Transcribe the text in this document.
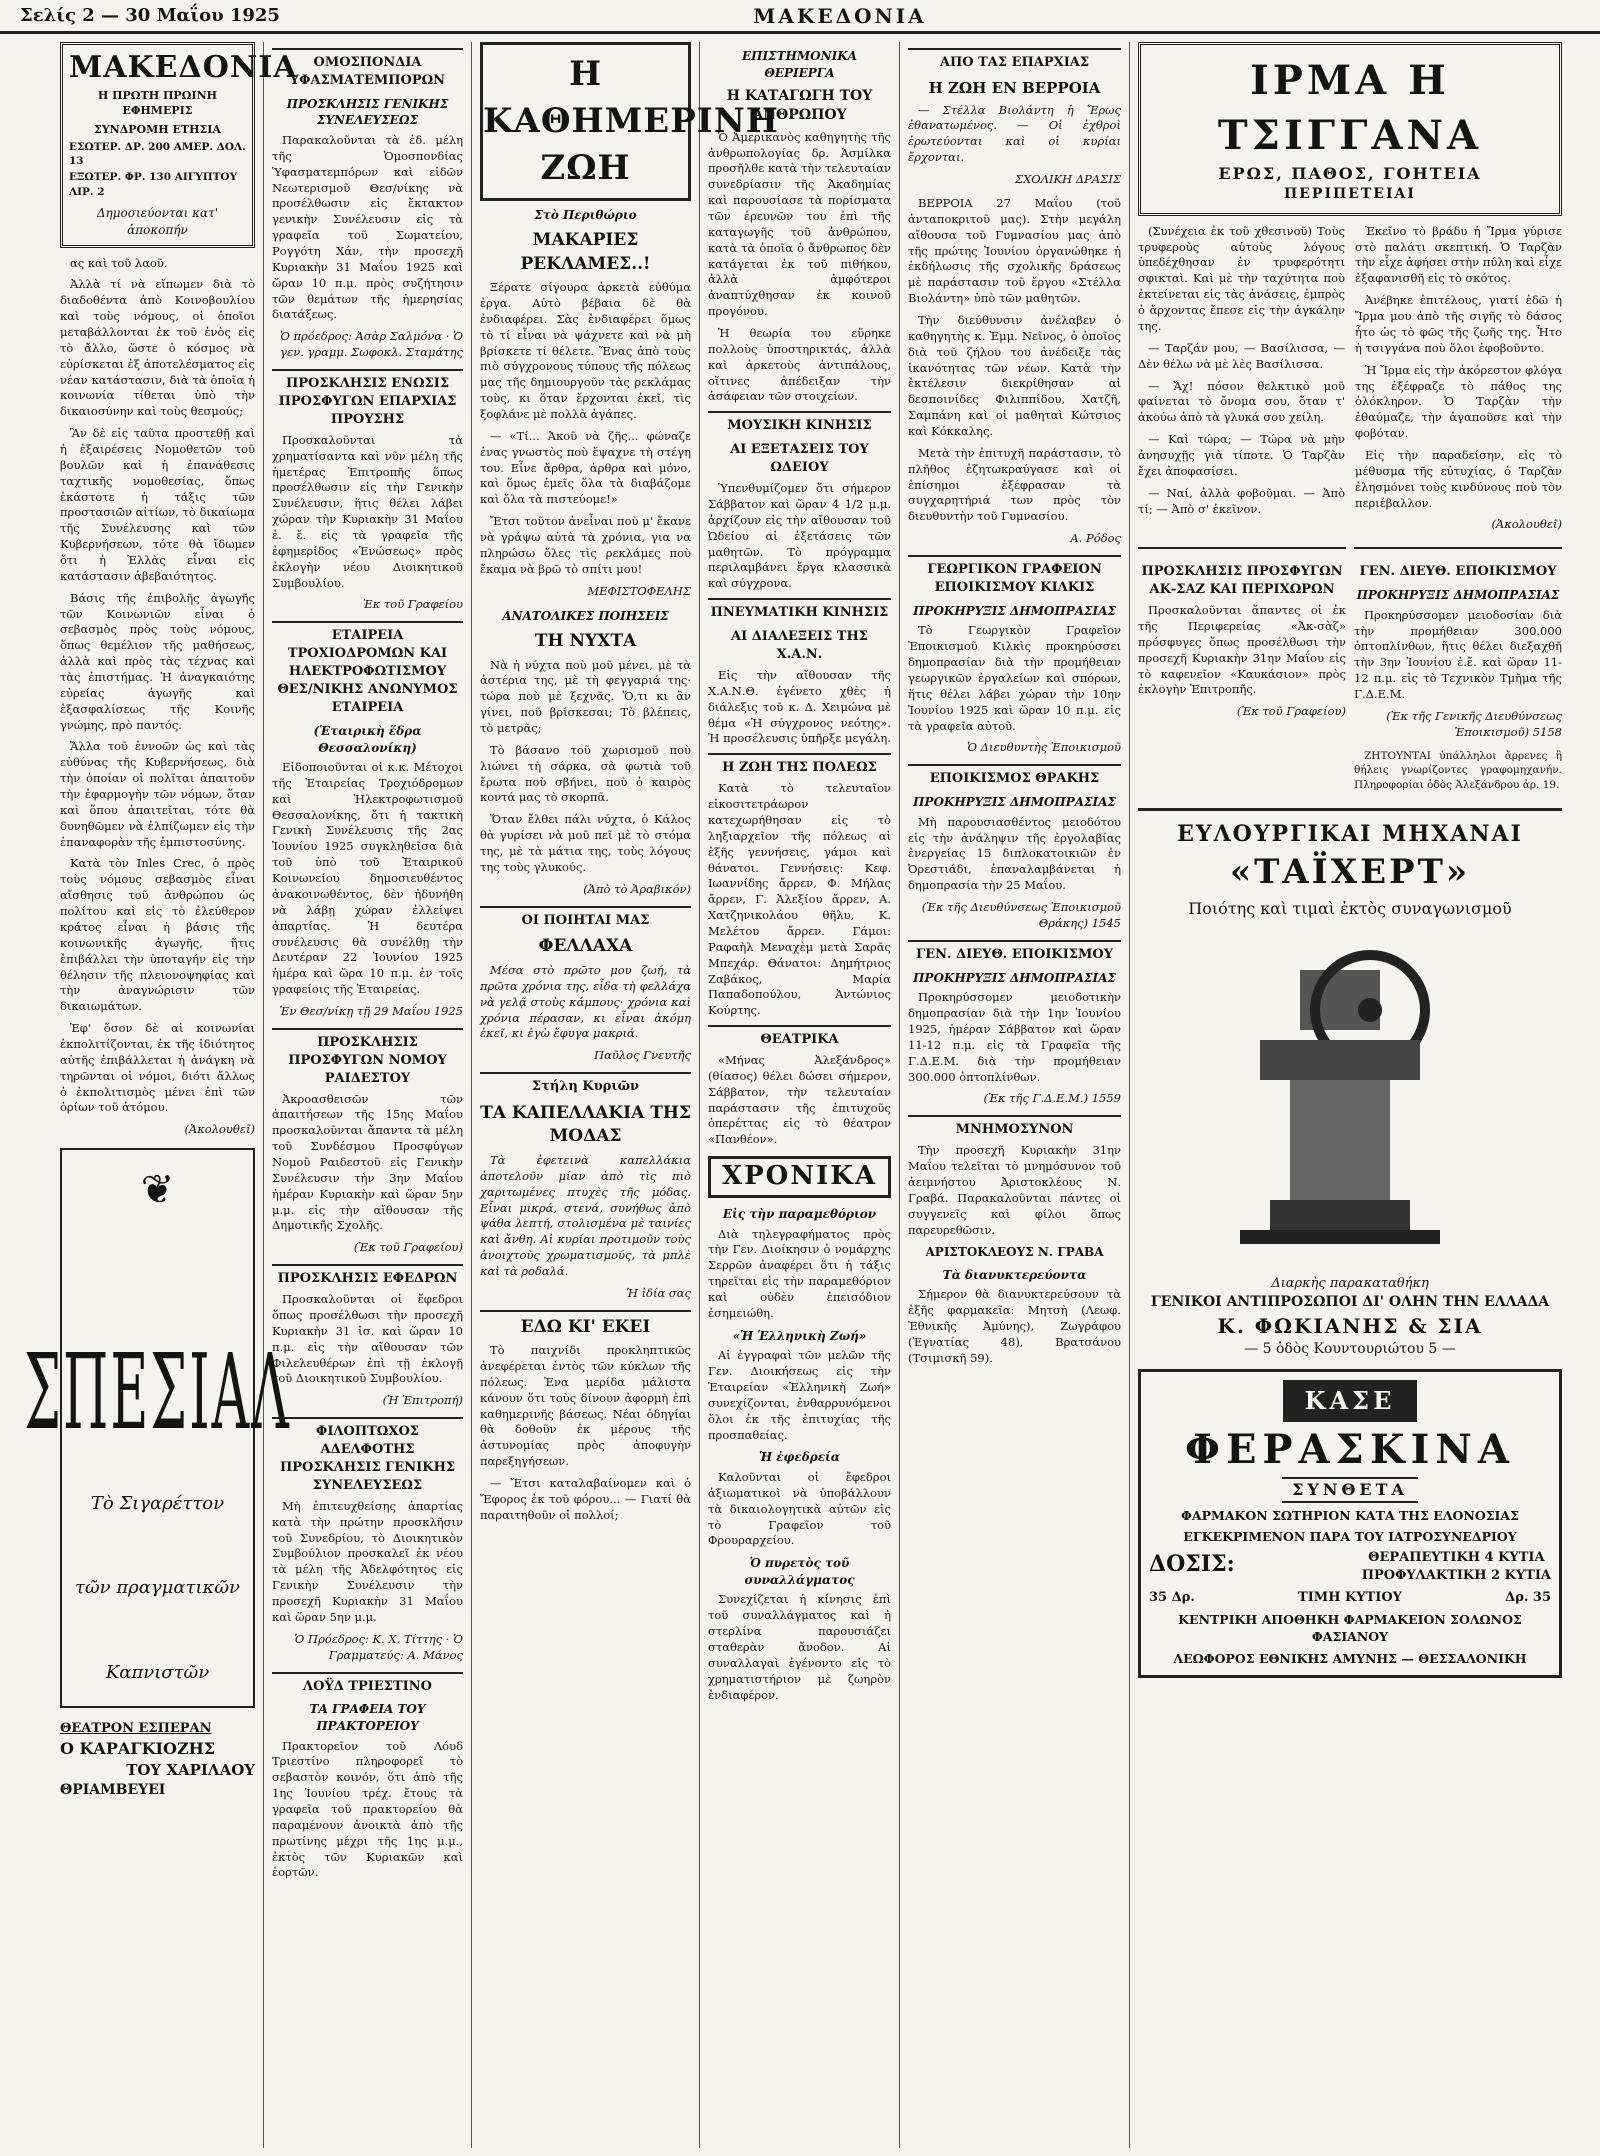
Σελίς 2 — 30 Μαΐου 1925	ΜΑΚΕΔΟΝΙΑ
ΜΑΚΕΔΟΝΙΑ
Η ΠΡΩΤΗ ΠΡΩΙΝΗ ΕΦΗΜΕΡΙΣ
ΣΥΝΔΡΟΜΗ ΕΤΗΣΙΑ
ΕΣΩΤΕΡ. ΔΡ. 200 ΑΜΕΡ. ΔΟΛ. 13
ΕΞΩΤΕΡ. ΦΡ. 130 ΑΙΓΥΠΤΟΥ ΛΙΡ. 2
Δημοσιεύονται κατ' ἀποκοπήν

ας καὶ τοῦ λαοῦ.

Ἀλλὰ τί νὰ εἴπωμεν διὰ τὸ διαδοθέντα ἀπὸ Κοινοβουλίου καὶ τοὺς νόμους, οἱ ὁποῖοι μεταβάλλονται ἐκ τοῦ ἑνὸς εἰς τὸ ἄλλο, ὥστε ὁ κόσμος νὰ εὑρίσκεται ἐξ ἀποτελέσματος εἰς νέαν κατάστασιν, διὰ τὰ ὁποῖα ἡ κοινωνία τίθεται ὑπὸ τὴν δικαιοσύνην καὶ τοὺς θεσμούς;

Ἂν δὲ εἰς ταῦτα προστεθῇ καὶ ἡ ἐξαιρέσεις Νομοθετῶν τοῦ βουλῶν καὶ ἡ ἐπανάθεσις ταχτικῆς νομοθεσίας, ὅπως ἑκάστοτε ἡ τάξις τῶν προστασιῶν αἰτίων, τὸ δικαίωμα τῆς Συνέλευσης καὶ τῶν Κυβερνήσεων, τότε θὰ ἴδωμεν ὅτι ἡ Ἑλλὰς εἶναι εἰς κατάστασιν ἀβεβαιότητος.

Βάσις τῆς ἐπιβολῆς ἀγωγῆς τῶν Κοινωνιῶν εἶναι ὁ σεβασμὸς πρὸς τοὺς νόμους, ὅπως θεμέλιον τῆς μαθήσεως, ἀλλὰ καὶ πρὸς τὰς τέχνας καὶ τὰς ἐπιστήμας. Ἡ ἀναγκαιότης εὐρείας ἀγωγῆς καὶ ἐξασφαλίσεως τῆς Κοινῆς γνώμης, πρὸ παντός.

Ἄλλα τοῦ ἐννοῶν ὡς καὶ τὰς εὐθύνας τῆς Κυβερνήσεως, διὰ τὴν ὁποίαν οἱ πολῖται ἀπαιτοῦν τὴν ἐφαρμογὴν τῶν νόμων, ὅταν καὶ ὅπου ἀπαιτεῖται, τότε θὰ δυνηθῶμεν νὰ ἐλπίζωμεν εἰς τὴν ἐπαναφορὰν τῆς ἐμπιστοσύνης.

Κατὰ τὸν Inles Crec, ὁ πρὸς τοὺς νόμους σεβασμὸς εἶναι αἴσθησις τοῦ ἀνθρώπου ὡς πολίτου καὶ εἰς τὸ ἐλεύθερον κράτος εἶναι ἡ βάσις τῆς κοινωνικῆς ἀγωγῆς, ἥτις ἐπιβάλλει τὴν ὑποταγήν εἰς τὴν θέλησιν τῆς πλειονοψηφίας καὶ τὴν ἀναγνώρισιν τῶν δικαιωμάτων.

Ἐφ' ὅσον δὲ αἱ κοινωνίαι ἐκπολιτίζονται, ἐκ τῆς ἰδιότητος αὐτῆς ἐπιβάλλεται ἡ ἀνάγκη νὰ τηρῶνται οἱ νόμοι, διότι ἄλλως ὁ ἐκπολιτισμὸς μένει ἐπὶ τῶν ὁρίων τοῦ ἀτόμου.

(Ἀκολουθεῖ)
❦
ΣΠΕΣΙΑΛ
Τὸ Σιγαρέττον
τῶν πραγματικῶν
Καπνιστῶν
ΘΕΑΤΡΟΝ ΕΣΠΕΡΑΝ
Ο ΚΑΡΑΓΚΙΟΖΗΣ
ΤΟΥ ΧΑΡΙΛΑΟΥ
ΘΡΙΑΜΒΕΥΕΙ
ΟΜΟΣΠΟΝΔΙΑ ΥΦΑΣΜΑΤΕΜΠΟΡΩΝ
ΠΡΟΣΚΛΗΣΙΣ ΓΕΝΙΚΗΣ ΣΥΝΕΛΕΥΣΕΩΣ

Παρακαλοῦνται τὰ ἐδ. μέλη τῆς Ὁμοσπονδίας Ὑφασματεμπόρων καὶ εἰδῶν Νεωτερισμοῦ Θεσ/νίκης νὰ προσέλθωσιν εἰς ἔκτακτον γενικὴν Συνέλευσιν εἰς τὰ γραφεῖα τοῦ Σωματείου, Ρογγότη Χάν, τὴν προσεχῆ Κυριακὴν 31 Μαΐου 1925 καὶ ὥραν 10 π.μ. πρὸς συζήτησιν τῶν θεμάτων τῆς ἡμερησίας διατάξεως.

Ὁ πρόεδρος: Ἀσὰρ Σαλμόνα · Ὁ γεν. γραμμ. Σωφοκλ. Σταμάτης
ΠΡΟΣΚΛΗΣΙΣ ΕΝΩΣΙΣ ΠΡΟΣΦΥΓΩΝ ΕΠΑΡΧΙΑΣ ΠΡΟΥΣΗΣ

Προσκαλοῦνται τὰ χρηματίσαντα καὶ νῦν μέλη τῆς ἡμετέρας Ἑπιτροπῆς ὅπως προσέλθωσιν εἰς τὴν Γενικὴν Συνέλευσιν, ἥτις θέλει λάβει χώραν τὴν Κυριακὴν 31 Μαΐου ἐ. ἔ. εἰς τὰ γραφεῖα τῆς ἐφημερίδος «Ἑνώσεως» πρὸς ἐκλογὴν νέου Διοικητικοῦ Συμβουλίου.

Ἐκ τοῦ Γραφείου
ΕΤΑΙΡΕΙΑ ΤΡΟΧΙΟΔΡΟΜΩΝ ΚΑΙ ΗΛΕΚΤΡΟΦΩΤΙΣΜΟΥ ΘΕΣ/ΝΙΚΗΣ ΑΝΩΝΥΜΟΣ ΕΤΑΙΡΕΙΑ
(Ἑταιρικὴ ἕδρα Θεσσαλονίκη)

Εἰδοποιοῦνται οἱ κ.κ. Μέτοχοι τῆς Ἑταιρείας Τροχιόδρομων καὶ Ἠλεκτροφωτισμοῦ Θεσσαλονίκης, ὅτι ἡ τακτικὴ Γενικὴ Συνέλευσις τῆς 2ας Ἰουνίου 1925 συγκληθεῖσα διὰ τοῦ ὑπὸ τοῦ Ἑταιρικοῦ Κοινωνείου δημοσιευθέντος ἀνακοινωθέντος, δὲν ἠδυνήθη νὰ λάβῃ χώραν ἐλλείψει ἀπαρτίας. Ἡ δευτέρα συνέλευσις θὰ συνέλθῃ τὴν Δευτέραν 22 Ἰουνίου 1925 ἡμέρα καὶ ὥρα 10 π.μ. ἐν τοῖς γραφείοις τῆς Ἑταιρείας.

Ἐν Θεσ/νίκῃ τῇ 29 Μαΐου 1925
ΠΡΟΣΚΛΗΣΙΣ ΠΡΟΣΦΥΓΩΝ ΝΟΜΟΥ ΡΑΙΔΕΣΤΟΥ

Ἀκροασθεισῶν τῶν ἀπαιτήσεων τῆς 15ης Μαΐου προσκαλοῦνται ἅπαντα τὰ μέλη τοῦ Συνδέσμου Προσφύγων Νομοῦ Ραιδεστοῦ εἰς Γενικὴν Συνέλευσιν τὴν 3ην Μαΐου ἡμέραν Κυριακὴν καὶ ὥραν 5ην μ.μ. εἰς τὴν αἴθουσαν τῆς Δημοτικῆς Σχολῆς.

(Ἐκ τοῦ Γραφείου)
ΠΡΟΣΚΛΗΣΙΣ ΕΦΕΔΡΩΝ

Προσκαλοῦνται οἱ ἔφεδροι ὅπως προσέλθωσι τὴν προσεχῆ Κυριακὴν 31 ἰσ. καὶ ὥραν 10 π.μ. εἰς τὴν αἴθουσαν τῶν Φιλελευθέρων ἐπὶ τῇ ἐκλογῇ τοῦ Διοικητικοῦ Συμβουλίου.

(Ἡ Ἐπιτροπή)
ΦΙΛΟΠΤΩΧΟΣ ΑΔΕΛΦΟΤΗΣ ΠΡΟΣΚΛΗΣΙΣ ΓΕΝΙΚΗΣ ΣΥΝΕΛΕΥΣΕΩΣ

Μὴ ἐπιτευχθείσης ἀπαρτίας κατὰ τὴν πρώτην προσκλῆσιν τοῦ Συνεδρίου, τὸ Διοικητικὸν Συμβούλιον προσκαλεῖ ἐκ νέου τὰ μέλη τῆς Ἀδελφότητος εἰς Γενικὴν Συνέλευσιν τὴν προσεχῆ Κυριακὴν 31 Μαΐου καὶ ὥραν 5ην μ.μ.

Ὁ Πρόεδρος: Κ. Χ. Τίττης · Ὁ Γραμματεύς: Α. Μάνος
ΛΟΫΔ ΤΡΙΕΣΤΙΝΟ
ΤΑ ΓΡΑΦΕΙΑ ΤΟΥ ΠΡΑΚΤΟΡΕΙΟΥ

Πρακτορεῖον τοῦ Λόυδ Τριεστίνο πληροφορεῖ τὸ σεβαστὸν κοινόν, ὅτι ἀπὸ τῆς 1ης Ἰουνίου τρέχ. ἔτους τὰ γραφεῖα τοῦ πρακτορείου θὰ παραμένουν ἀνοικτὰ ἀπὸ τῆς πρωτίνης μέχρι τῆς 1ης μ.μ., ἐκτὸς τῶν Κυριακῶν καὶ ἑορτῶν.

Η ΚΑΘΗΜΕΡΙΝΗ ΖΩΗ
Στὸ Περιθώριο
ΜΑΚΑΡΙΕΣ ΡΕΚΛΑΜΕΣ..!

Ξέρατε σίγουρα ἀρκετὰ εὐθύμα ἐργα. Αὐτὸ βέβαια δὲ θὰ ἐνδιαφέρει. Σὰς ἐνδιαφέρει ὅμως τὸ τί εἶναι νὰ ψάχνετε καὶ νὰ μὴ βρίσκετε τί θέλετε. Ἕνας ἀπὸ τοὺς πιὸ σύγχρονους τύπους τῆς πόλεως μας τῆς δημιουργοῦν τὰς ρεκλάμας τοὺς, κι ὅταν ἔρχονται ἐκεῖ, τὶς ξοφλάνε μὲ πολλὰ ἀγάπες.

— «Τί... Ἀκοῦ νὰ ζῆς... φώναζε ἐνας γνωστὸς ποὺ ἔψαχνε τὴ στέγη του. Εἶνε ἄρθρα, ἀρθρα καὶ μόνο, καὶ ὅμως ἐμεῖς ὅλα τὰ διαβάζομε καὶ ὅλα τὰ πιστεύομε!»

Ἔτσι τοῦτον ἀνεἷναι ποὺ μ' ἔκανε νὰ γράψω αὐτὰ τὰ χρόνια, για να πληρώσω ὅλες τὶς ρεκλάμες ποὺ ἔκαμα νὰ βρῶ τὸ σπίτι μου!

ΜΕΦΙΣΤΟΦΕΛΗΣ
ΑΝΑΤΟΛΙΚΕΣ ΠΟΙΗΣΕΙΣ
ΤΗ ΝΥΧΤΑ

Νὰ ἡ νύχτα ποὺ μοῦ μένει, μὲ τὰ ἀστέρια της, μὲ τὴ φεγγαριά της· τώρα ποὺ μὲ ξεχνᾶς. Ὅ,τι κι ἂν γίνει, ποῦ βρίσκεσαι; Τὸ βλέπεις, τὸ μετρᾶς;

Τὸ βάσανο τοῦ χωρισμοῦ ποὺ λιώνει τὴ σάρκα, σὰ φωτιὰ τοῦ ἔρωτα ποὺ σβήνει, ποὺ ὁ καιρὸς κοντά μας τὸ σκορπᾶ.

Ὅταν ἔλθει πάλι νύχτα, ὁ Κάλος θὰ γυρίσει νὰ μοῦ πεῖ μὲ τὸ στόμα της, μὲ τὰ μάτια της, τοὺς λόγους της τοὺς γλυκούς.

(Ἀπὸ τὸ Ἀραβικόν)
ΟΙ ΠΟΙΗΤΑΙ ΜΑΣ
ΦΕΛΛΑΧΑ

Μέσα στὸ πρῶτο μου ζωή, τὰ πρῶτα χρόνια της, εἶδα τὴ φελλάχα νὰ γελᾷ στοὺς κάμπους· χρόνια καὶ χρόνια πέρασαν, κι εἶναι ἀκόμη ἐκεῖ, κι ἐγὼ ἔφυγα μακριά.

Παῦλος Γνευτῆς
Στήλη Κυριῶν
ΤΑ ΚΑΠΕΛΛΑΚΙΑ ΤΗΣ ΜΟΔΑΣ

Τὰ ἐφετεινὰ καπελλάκια ἀποτελοῦν μίαν ἀπὸ τὶς πιὸ χαριτωμένες πτυχὲς τῆς μόδας. Εἶναι μικρά, στενά, συνήθως ἀπὸ ψάθα λεπτή, στολισμένα μὲ ταινίες καὶ ἄνθη. Αἱ κυρίαι προτιμοῦν τοὺς ἀνοιχτοὺς χρωματισμούς, τὰ μπλὲ καὶ τὰ ροδαλά.

Ἡ ἰδία σας
ΕΔΩ ΚΙ' ΕΚΕΙ

Τὸ παιχνίδι προκληπτικῶς ἀνεφέρεται ἐντὸς τῶν κύκλων τῆς πόλεως. Ἐνα μερίδα μάλιστα κάνουν ὅτι τοὺς δίνουν ἀφορμὴ ἐπὶ καθημερινῆς βάσεως. Νέαι ὁδηγίαι θὰ δοθοῦν ἐκ μέρους τῆς ἀστυνομίας πρὸς ἀποφυγὴν παρεξηγήσεων.

— Ἔτσι καταλαβαίνομεν καὶ ὁ Ἔφορος ἐκ τοῦ φόρου... — Γιατί θὰ παραιτηθοῦν οἱ πολλοί;

ΕΠΙΣΤΗΜΟΝΙΚΑ ΘΕΡΙΕΡΓΑ
Η ΚΑΤΑΓΩΓΗ ΤΟΥ ΑΝΘΡΩΠΟΥ

Ὁ Ἀμερικανὸς καθηγητὴς τῆς ἀνθρωπολογίας δρ. Ἀσμίλκα προσῆλθε κατὰ τὴν τελευταίαν συνεδρίασιν τῆς Ἀκαδημίας καὶ παρουσίασε τὰ πορίσματα τῶν ἐρευνῶν του ἐπὶ τῆς καταγωγῆς τοῦ ἀνθρώπου, κατὰ τὰ ὁποῖα ὁ ἄνθρωπος δὲν κατάγεται ἐκ τοῦ πιθήκου, ἀλλὰ ἀμφότεροι ἀναπτύχθησαν ἐκ κοινοῦ προγόνου.

Ἡ θεωρία του εὕρηκε πολλοὺς ὑποστηρικτάς, ἀλλὰ καὶ ἀρκετοὺς ἀντιπάλους, οἵτινες ἀπέδειξαν τὴν ἀσάφειαν τῶν στοιχείων.

ΜΟΥΣΙΚΗ ΚΙΝΗΣΙΣ
ΑΙ ΕΞΕΤΑΣΕΙΣ ΤΟΥ ΩΔΕΙΟΥ

Ὑπενθυμίζομεν ὅτι σήμερον Σάββατον καὶ ὥραν 4 1/2 μ.μ. ἀρχίζουν εἰς τὴν αἴθουσαν τοῦ Ὠδείου αἱ ἐξετάσεις τῶν μαθητῶν. Τὸ πρόγραμμα περιλαμβάνει ἔργα κλασσικὰ καὶ σύγχρονα.

ΠΝΕΥΜΑΤΙΚΗ ΚΙΝΗΣΙΣ
ΑΙ ΔΙΑΛΕΞΕΙΣ ΤΗΣ Χ.Α.Ν.

Εἰς τὴν αἴθουσαν τῆς Χ.Α.Ν.Θ. ἐγένετο χθὲς ἡ διάλεξις τοῦ κ. Δ. Χειμώνα μὲ θέμα «Ἡ σύγχρονος νεότης». Ἡ προσέλευσις ὑπῆρξε μεγάλη.

Η ΖΩΗ ΤΗΣ ΠΟΛΕΩΣ

Κατὰ τὸ τελευταῖον εἰκοσιτετράωρον κατεχωρήθησαν εἰς τὸ ληξιαρχεῖον τῆς πόλεως αἱ ἑξῆς γεννήσεις, γάμοι καὶ θάνατοι. Γεννήσεις: Κεφ. Ιωαννίδης ἄρρεν, Φ. Μήλας ἄρρεν, Γ. Ἀλεξίου ἄρρεν, Α. Χατζηνικολάου θῆλυ, Κ. Μελέτου ἄρρεν. Γάμοι: Ραφαὴλ Μεναχὲμ μετὰ Σαρᾶς Μπεχάρ. Θάνατοι: Δημήτριος Ζαβάκος, Μαρία Παπαδοπούλου, Ἀντώνιος Κούρτης.

ΘΕΑΤΡΙΚΑ

«Μήνας Ἀλεξάνδρος» (θίασος) θέλει δώσει σήμερον, Σάββατον, τὴν τελευταίαν παράστασιν τῆς ἐπιτυχοῦς ὀπερέττας εἰς τὸ θέατρον «Πανθέον».

ΧΡΟΝΙΚΑ
Εἰς τὴν παραμεθόριον

Διὰ τηλεγραφήματος πρὸς τὴν Γεν. Διοίκησιν ὁ νομάρχης Σερρῶν ἀναφέρει ὅτι ἡ τάξις τηρεῖται εἰς τὴν παραμεθόριον καὶ οὐδὲν ἐπεισόδιον ἐσημειώθη.

«Ἡ Ἑλληνικὴ Ζωή»

Αἱ ἐγγραφαὶ τῶν μελῶν τῆς Γεν. Διοικήσεως εἰς τὴν Ἑταιρείαν «Ἑλληνικὴ Ζωή» συνεχίζονται, ἐνθαρρυνόμενοι ὅλοι ἐκ τῆς ἐπιτυχίας τῆς προσπαθείας.

Ἡ ἐφεδρεία

Καλοῦνται οἱ ἔφεδροι ἀξιωματικοὶ νὰ ὑποβάλλουν τὰ δικαιολογητικὰ αὐτῶν εἰς τὸ Γραφεῖον τοῦ Φρουραρχείου.

Ὁ πυρετὸς τοῦ συναλλάγματος

Συνεχίζεται ἡ κίνησις ἐπὶ τοῦ συναλλάγματος καὶ ἡ στερλίνα παρουσιάζει σταθερὰν ἄνοδον. Αἱ συναλλαγαὶ ἐγένοντο εἰς τὸ χρηματιστήριον μὲ ζωηρὸν ἐνδιαφέρον.

ΑΠΟ ΤΑΣ ΕΠΑΡΧΙΑΣ
Η ΖΩΗ ΕΝ ΒΕΡΡΟΙΑ

— Στέλλα Βιολάντη ἡ Ἔρως ἐθανατωμένος. — Οἱ ἐχθροὶ ἐρωτεύονται καὶ οἱ κυρίαι ἔρχονται.

ΣΧΟΛΙΚΗ ΔΡΑΣΙΣ

ΒΕΡΡΟΙΑ 27 Μαΐου (τοῦ ἀνταποκριτοῦ μας). Στὴν μεγάλη αἴθουσα τοῦ Γυμνασίου μας ἀπὸ τῆς πρώτης Ἰουνίου ὀργανώθηκε ἡ ἐκδήλωσις τῆς σχολικῆς δράσεως μὲ παράστασιν τοῦ ἔργου «Στέλλα Βιολάντη» ὑπὸ τῶν μαθητῶν.

Τὴν διεύθυνσιν ἀνέλαβεν ὁ καθηγητὴς κ. Ἐμμ. Νεῖνος, ὁ ὁποῖος διὰ τοῦ ζήλου του ἀνέδειξε τὰς ἱκανότητας τῶν νέων. Κατὰ τὴν ἐκτέλεσιν διεκρίθησαν αἱ δεσποινίδες Φιλιππίδου, Χατζῆ, Σαμπάνη καὶ οἱ μαθηταὶ Κώτσιος καὶ Κόκκαλης.

Μετὰ τὴν ἐπιτυχῆ παράστασιν, τὸ πλῆθος ἐζητωκραύγασε καὶ οἱ ἐπίσημοι ἐξέφρασαν τὰ συγχαρητήριά των πρὸς τὸν διευθυντὴν τοῦ Γυμνασίου.

Α. Ρόδος
ΓΕΩΡΓΙΚΟΝ ΓΡΑΦΕΙΟΝ ΕΠΟΙΚΙΣΜΟΥ ΚΙΛΚΙΣ
ΠΡΟΚΗΡΥΞΙΣ ΔΗΜΟΠΡΑΣΙΑΣ

Τὸ Γεωργικὸν Γραφεῖον Ἐποικισμοῦ Κιλκὶς προκηρύσσει δημοπρασίαν διὰ τὴν προμήθειαν γεωργικῶν ἐργαλείων καὶ σπόρων, ἥτις θέλει λάβει χώραν τὴν 10ην Ἰουνίου 1925 καὶ ὥραν 10 π.μ. εἰς τὰ γραφεῖα αὐτοῦ.

Ὁ Διευθυντὴς Ἐποικισμοῦ
ΕΠΟΙΚΙΣΜΟΣ ΘΡΑΚΗΣ
ΠΡΟΚΗΡΥΞΙΣ ΔΗΜΟΠΡΑΣΙΑΣ

Μὴ παρουσιασθέντος μειοδότου εἰς τὴν ἀνάληψιν τῆς ἐργολαβίας ἐνεργείας 15 διπλοκατοικιῶν ἐν Ὀρεστιάδι, ἐπαναλαμβάνεται ἡ δημοπρασία τὴν 25 Μαΐου.

(Ἐκ τῆς Διευθύνσεως Ἐποικισμοῦ Θράκης) 1545
ΓΕΝ. ΔΙΕΥΘ. ΕΠΟΙΚΙΣΜΟΥ
ΠΡΟΚΗΡΥΞΙΣ ΔΗΜΟΠΡΑΣΙΑΣ

Προκηρύσσομεν μειοδοτικὴν δημοπρασίαν διὰ τὴν 1ην Ἰουνίου 1925, ἡμέραν Σάββατον καὶ ὥραν 11-12 π.μ. εἰς τὰ Γραφεῖα τῆς Γ.Δ.Ε.Μ. διὰ τὴν προμήθειαν 300.000 ὀπτοπλίνθων.

(Ἐκ τῆς Γ.Δ.Ε.Μ.) 1559
ΜΝΗΜΟΣΥΝΟΝ

Τὴν προσεχῆ Κυριακὴν 31ην Μαΐου τελεῖται τὸ μνημόσυνον τοῦ ἀειμνήστου Ἀριστοκλέους Ν. Γραβά. Παρακαλοῦνται πάντες οἱ συγγενεῖς καὶ φίλοι ὅπως παρευρεθῶσιν.

ΑΡΙΣΤΟΚΛΕΟΥΣ Ν. ΓΡΑΒΑ
Τὰ διανυκτερεύοντα

Σήμερον θὰ διανυκτερεύσουν τὰ ἑξῆς φαρμακεῖα: Μητσὴ (Λεωφ. Ἐθνικῆς Ἀμύνης), Ζωγράφου (Ἐγνατίας 48), Βρατσάνου (Τσιμισκῆ 59).

ΙΡΜΑ Η ΤΣΙΓΓΑΝΑ
ΕΡΩΣ, ΠΑΘΟΣ, ΓΟΗΤΕΙΑ
ΠΕΡΙΠΕΤΕΙΑΙ

(Συνέχεια ἐκ τοῦ χθεσινοῦ) Τοὺς τρυφεροὺς αὐτοὺς λόγους ὑπεδέχθησαν ἐν τρυφερότητι σφικταὶ. Καὶ μὲ τὴν ταχύτητα ποὺ ἐκτείνεται εἰς τὰς ἀνάσεις, ἐμπρὸς ὁ ἄρχοντας ἔπεσε εἰς τὴν ἀγκάλην της.

— Ταρζάν μου, — Βασίλισσα, — Δὲν θέλω νὰ μὲ λὲς Βασίλισσα.

— Ἄχ! πόσον θελκτικὸ μοῦ φαίνεται τὸ ὄνομα σου, ὅταν τ' ἀκούω ἀπὸ τὰ γλυκά σου χείλη.

— Καὶ τώρα; — Τώρα νὰ μὴν ἀνησυχῇς γιὰ τίποτε. Ὁ Ταρζὰν ἔχει ἀποφασίσει.

— Ναί, ἀλλὰ φοβοῦμαι. — Ἀπὸ τί; — Ἀπὸ σ' ἐκεῖνον.

Ἐκεῖνο τὸ βράδυ ἡ Ἴρμα γύρισε στὸ παλάτι σκεπτική. Ὁ Ταρζὰν τὴν εἶχε ἀφήσει στὴν πύλη καὶ εἶχε ἐξαφανισθῆ εἰς τὸ σκότος.

Ἀνέβηκε ἐπιτέλους, γιατί ἐδῶ ἡ Ἴρμα μου ἀπὸ τῆς σιγῆς τὸ δάσος ἦτο ὡς τὸ φῶς τῆς ζωῆς της. Ἦτο ἡ τσιγγάνα ποὺ ὅλοι ἐφοβοῦντο.

Ἡ Ἴρμα εἰς τὴν ἀκόρεστον φλόγα της ἐξέφραζε τὸ πάθος της ὁλόκληρον. Ὁ Ταρζὰν τὴν ἐθαύμαζε, τὴν ἀγαποῦσε καὶ τὴν φοβόταν.

Εἰς τὴν παραδείσην, εἰς τὸ μέθυσμα τῆς εὐτυχίας, ὁ Ταρζὰν ἐλησμόνει τοὺς κινδύνους ποὺ τὸν περιέβαλλον.

(Ἀκολουθεῖ)
ΠΡΟΣΚΛΗΣΙΣ ΠΡΟΣΦΥΓΩΝ ΑΚ-ΣΑΖ ΚΑΙ ΠΕΡΙΧΩΡΩΝ

Προσκαλοῦνται ἅπαντες οἱ ἐκ τῆς Περιφερείας «Ἀκ-σὰζ» πρόσφυγες ὅπως προσέλθωσι τὴν προσεχῆ Κυριακὴν 31ην Μαΐου εἰς τὸ καφενεῖον «Καυκάσιον» πρὸς ἐκλογὴν Ἐπιτροπῆς.

(Ἐκ τοῦ Γραφείου)
ΓΕΝ. ΔΙΕΥΘ. ΕΠΟΙΚΙΣΜΟΥ
ΠΡΟΚΗΡΥΞΙΣ ΔΗΜΟΠΡΑΣΙΑΣ

Προκηρύσσομεν μειοδοσίαν διὰ τὴν προμήθειαν 300.000 ὀπτοπλίνθων, ἥτις θέλει διεξαχθῆ τὴν 3ην Ἰουνίου ἐ.ἔ. καὶ ὥραν 11-12 π.μ. εἰς τὸ Τεχνικὸν Τμῆμα τῆς Γ.Δ.Ε.Μ.

(Ἐκ τῆς Γενικῆς Διευθύνσεως Ἐποικισμοῦ) 5158

ΖΗΤΟΥΝΤΑΙ ὑπάλληλοι ἄρρενες ἢ θήλεις γνωρίζοντες γραφομηχανήν. Πληροφορίαι ὁδὸς Ἀλεξάνδρου ἀρ. 19.

ΕΥΛΟΥΡΓΙΚΑΙ ΜΗΧΑΝΑΙ
«ΤΑΪΧΕΡΤ»
Ποιότης καὶ τιμαὶ ἐκτὸς συναγωνισμοῦ
Διαρκὴς παρακαταθήκη
ΓΕΝΙΚΟΙ ΑΝΤΙΠΡΟΣΩΠΟΙ ΔΙ' ΟΛΗΝ ΤΗΝ ΕΛΛΑΔΑ
Κ. ΦΩΚΙΑΝΗΣ & ΣΙΑ
— 5 ὁδὸς Κουντουριώτου 5 —
ΚΑΣΕ
ΦΕΡΑΣΚΙΝΑ
ΣΥΝΘΕΤΑ
ΦΑΡΜΑΚΟΝ ΣΩΤΗΡΙΟΝ ΚΑΤΑ ΤΗΣ ΕΛΟΝΟΣΙΑΣ
ΕΓΚΕΚΡΙΜΕΝΟΝ ΠΑΡΑ ΤΟΥ ΙΑΤΡΟΣΥΝΕΔΡΙΟΥ
ΔΟΣΙΣ:	ΘΕΡΑΠΕΥΤΙΚΗ 4 ΚΥΤΙΑ
ΠΡΟΦΥΛΑΚΤΙΚΗ 2 ΚΥΤΙΑ
35 Δρ.	ΤΙΜΗ ΚΥΤΙΟΥ	Δρ. 35
ΚΕΝΤΡΙΚΗ ΑΠΟΘΗΚΗ ΦΑΡΜΑΚΕΙΟΝ ΣΟΛΩΝΟΣ ΦΑΣΙΑΝΟΥ
ΛΕΩΦΟΡΟΣ ΕΘΝΙΚΗΣ ΑΜΥΝΗΣ — ΘΕΣΣΑΛΟΝΙΚΗ
